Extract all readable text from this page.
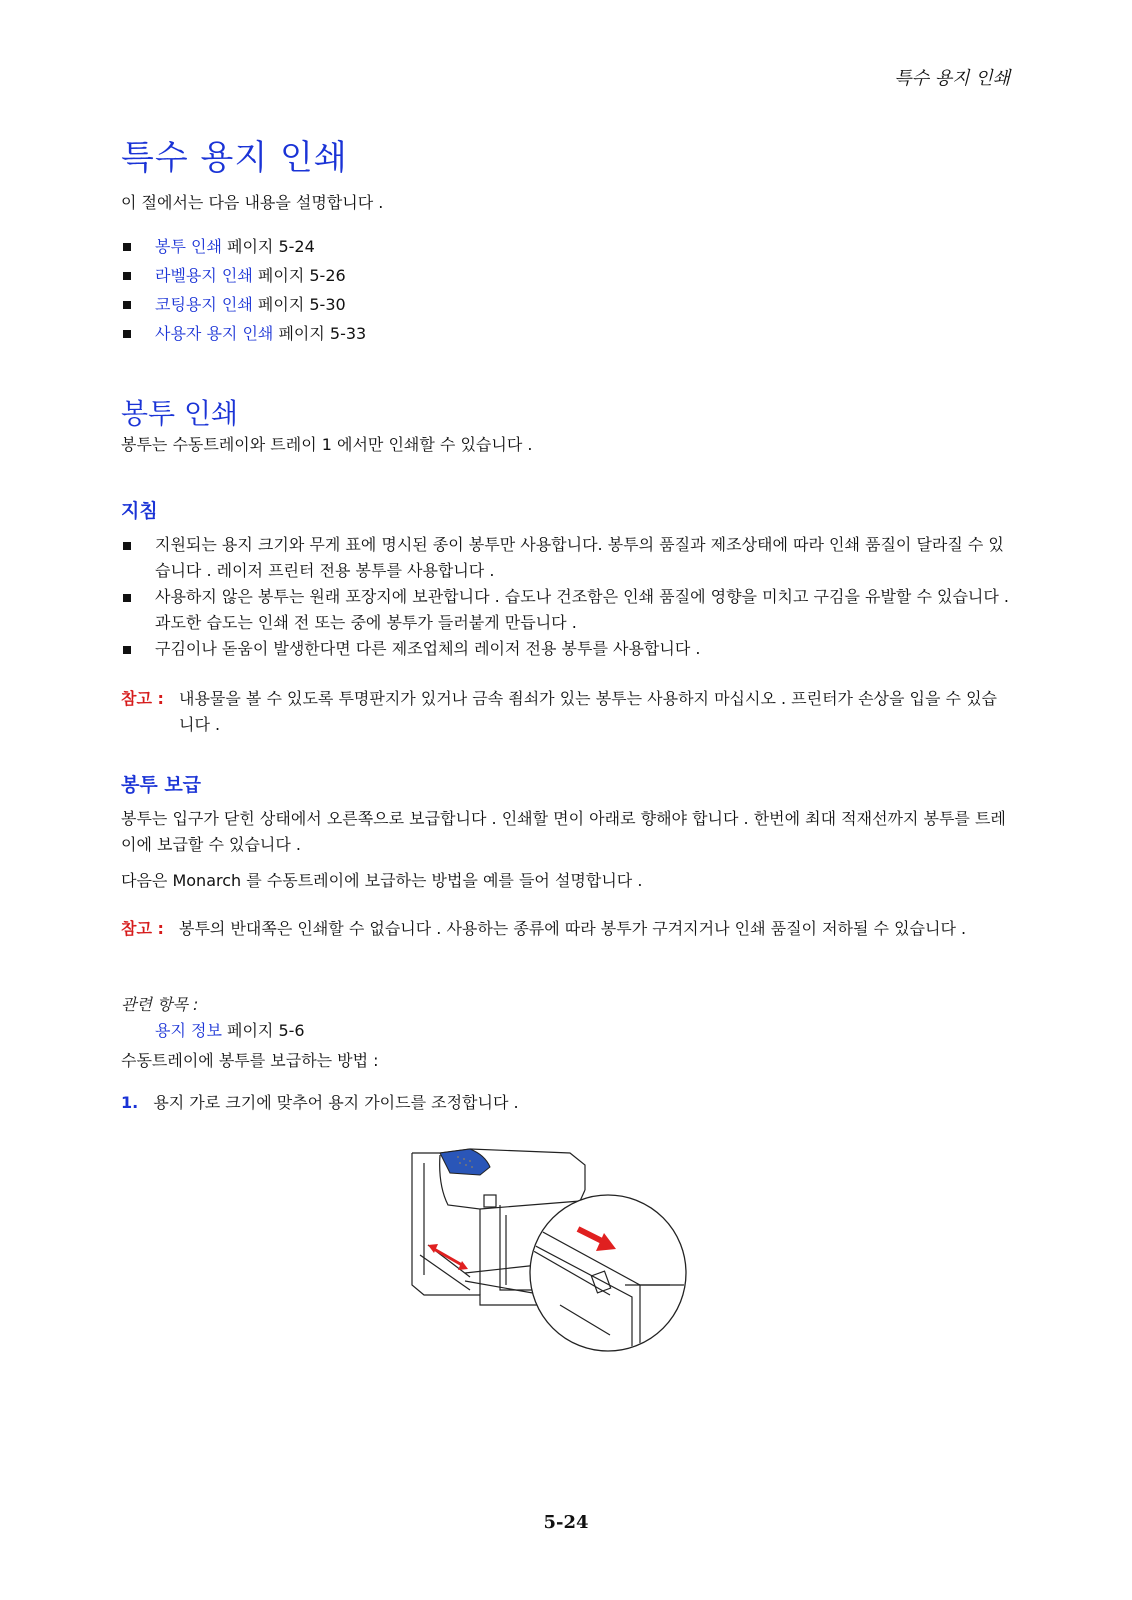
특수 용지 인쇄
특수 용지 인쇄
이 절에서는 다음 내용을 설명합니다 .
봉투 인쇄 페이지 5-24
라벨용지 인쇄 페이지 5-26
코팅용지 인쇄 페이지 5-30
사용자 용지 인쇄 페이지 5-33
봉투 인쇄
봉투는 수동트레이와 트레이 1 에서만 인쇄할 수 있습니다 .
지침
지원되는 용지 크기와 무게 표에 명시된 종이 봉투만 사용합니다. 봉투의 품질과 제조상태에 따라 인쇄 품질이 달라질 수 있습니다 . 레이저 프린터 전용 봉투를 사용합니다 .
사용하지 않은 봉투는 원래 포장지에 보관합니다 . 습도나 건조함은 인쇄 품질에 영향을 미치고 구김을 유발할 수 있습니다 . 과도한 습도는 인쇄 전 또는 중에 봉투가 들러붙게 만듭니다 .
구김이나 돋움이 발생한다면 다른 제조업체의 레이저 전용 봉투를 사용합니다 .
참고 : 내용물을 볼 수 있도록 투명판지가 있거나 금속 죔쇠가 있는 봉투는 사용하지 마십시오 . 프린터가 손상을 입을 수 있습니다 .
봉투 보급
봉투는 입구가 닫힌 상태에서 오른쪽으로 보급합니다 . 인쇄할 면이 아래로 향해야 합니다 . 한번에 최대 적재선까지 봉투를 트레이에 보급할 수 있습니다 .
다음은 Monarch 를 수동트레이에 보급하는 방법을 예를 들어 설명합니다 .
참고 : 봉투의 반대쪽은 인쇄할 수 없습니다 . 사용하는 종류에 따라 봉투가 구겨지거나 인쇄 품질이 저하될 수 있습니다 .
관련 항목 :
용지 정보 페이지 5-6
수동트레이에 봉투를 보급하는 방법 :
1. 용지 가로 크기에 맞추어 용지 가이드를 조정합니다 .
5-24
